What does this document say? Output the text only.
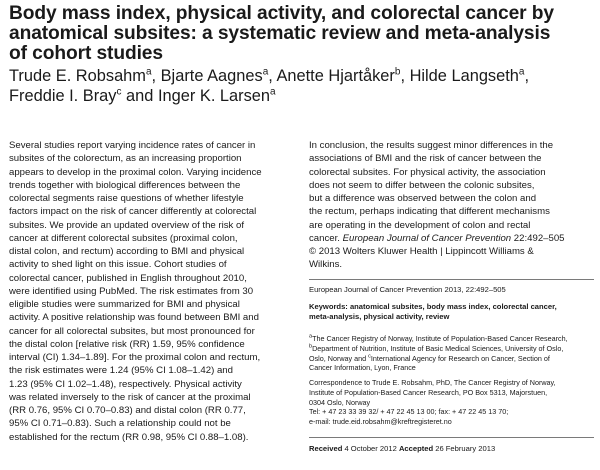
Body mass index, physical activity, and colorectal cancer by
anatomical subsites: a systematic review and meta-analysis
of cohort studies
Trude E. Robsahm$^a$, Bjarte Aagnes$^a$, Anette Hjartåker$^b$, Hilde Langseth$^a$,
Freddie I. Bray$^c$ and Inger K. Larsen$^a$
Several studies report varying incidence rates of cancer in
subsites of the colorectum, as an increasing proportion
appears to develop in the proximal colon. Varying incidence
trends together with biological differences between the
colorectal segments raise questions of whether lifestyle
factors impact on the risk of cancer differently at colorectal
subsites. We provide an updated overview of the risk of
cancer at different colorectal subsites (proximal colon,
distal colon, and rectum) according to BMI and physical
activity to shed light on this issue. Cohort studies of
colorectal cancer, published in English throughout 2010,
were identified using PubMed. The risk estimates from 30
eligible studies were summarized for BMI and physical
activity. A positive relationship was found between BMI and
cancer for all colorectal subsites, but most pronounced for
the distal colon [relative risk (RR) 1.59, 95% confidence
interval (CI) 1.34–1.89]. For the proximal colon and rectum,
the risk estimates were 1.24 (95% CI 1.08–1.42) and
1.23 (95% CI 1.02–1.48), respectively. Physical activity
was related inversely to the risk of cancer at the proximal
(RR 0.76, 95% CI 0.70–0.83) and distal colon (RR 0.77,
95% CI 0.71–0.83). Such a relationship could not be
established for the rectum (RR 0.98, 95% CI 0.88–1.08).
In conclusion, the results suggest minor differences in the
associations of BMI and the risk of cancer between the
colorectal subsites. For physical activity, the association
does not seem to differ between the colonic subsites,
but a difference was observed between the colon and
the rectum, perhaps indicating that different mechanisms
are operating in the development of colon and rectal
cancer. European Journal of Cancer Prevention 22:492–505
© 2013 Wolters Kluwer Health | Lippincott Williams &
Wilkins.
European Journal of Cancer Prevention 2013, 22:492–505
Keywords: anatomical subsites, body mass index, colorectal cancer,
meta-analysis, physical activity, review
$^a$The Cancer Registry of Norway, Institute of Population-Based Cancer Research,
$^b$Department of Nutrition, Institute of Basic Medical Sciences, University of Oslo,
Oslo, Norway and $^c$International Agency for Research on Cancer, Section of
Cancer Information, Lyon, France
Correspondence to Trude E. Robsahm, PhD, The Cancer Registry of Norway,
Institute of Population-Based Cancer Research, PO Box 5313, Majorstuen,
0304 Oslo, Norway
Tel: + 47 23 33 39 32/ + 47 22 45 13 00; fax: + 47 22 45 13 70;
e-mail: trude.eid.robsahm@kreftregisteret.no
Received 4 October 2012 Accepted 26 February 2013
